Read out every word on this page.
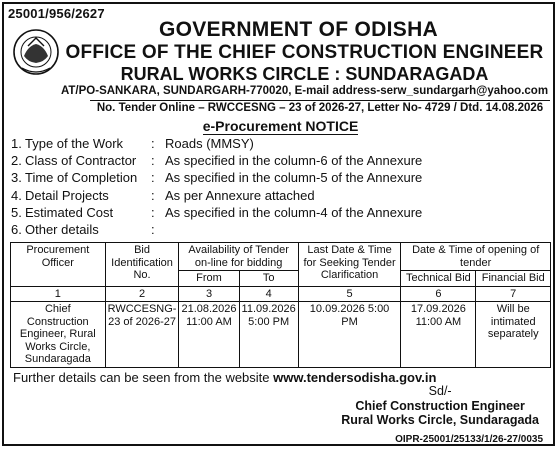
25001/956/2627
GOVERNMENT OF ODISHA
OFFICE OF THE CHIEF CONSTRUCTION ENGINEER
RURAL WORKS CIRCLE : SUNDARAGADA
AT/PO-SANKARA, SUNDARGARH-770020, E-mail address-serw_sundargarh@yahoo.com
No. Tender Online – RWCCESNG – 23 of 2026-27, Letter No- 4729 / Dtd. 14.08.2026
e-Procurement NOTICE
1. Type of the Work	: Roads (MMSY)
2. Class of Contractor	: As specified in the column-6 of the Annexure
3. Time of Completion	: As specified in the column-5 of the Annexure
4. Detail Projects	: As per Annexure attached
5. Estimated Cost	: As specified in the column-4 of the Annexure
6. Other details	:
Procurement Officer	Bid Identification No.	Availability of Tender on-line for bidding		Last Date & Time for Seeking Tender Clarification	Date & Time of opening of tender	
		From	To		Technical Bid	Financial Bid
1	2	3	4	5	6	7
Chief Construction Engineer, Rural Works Circle, Sundaragada	RWCCESNG-23 of 2026-27	21.08.2026 11:00 AM	11.09.2026 5:00 PM	10.09.2026 5:00 PM	17.09.2026 11:00 AM	Will be intimated separately
Further details can be seen from the website www.tendersodisha.gov.in
Sd/-
Chief Construction Engineer
Rural Works Circle, Sundaragada
OIPR-25001/25133/1/26-27/0035
